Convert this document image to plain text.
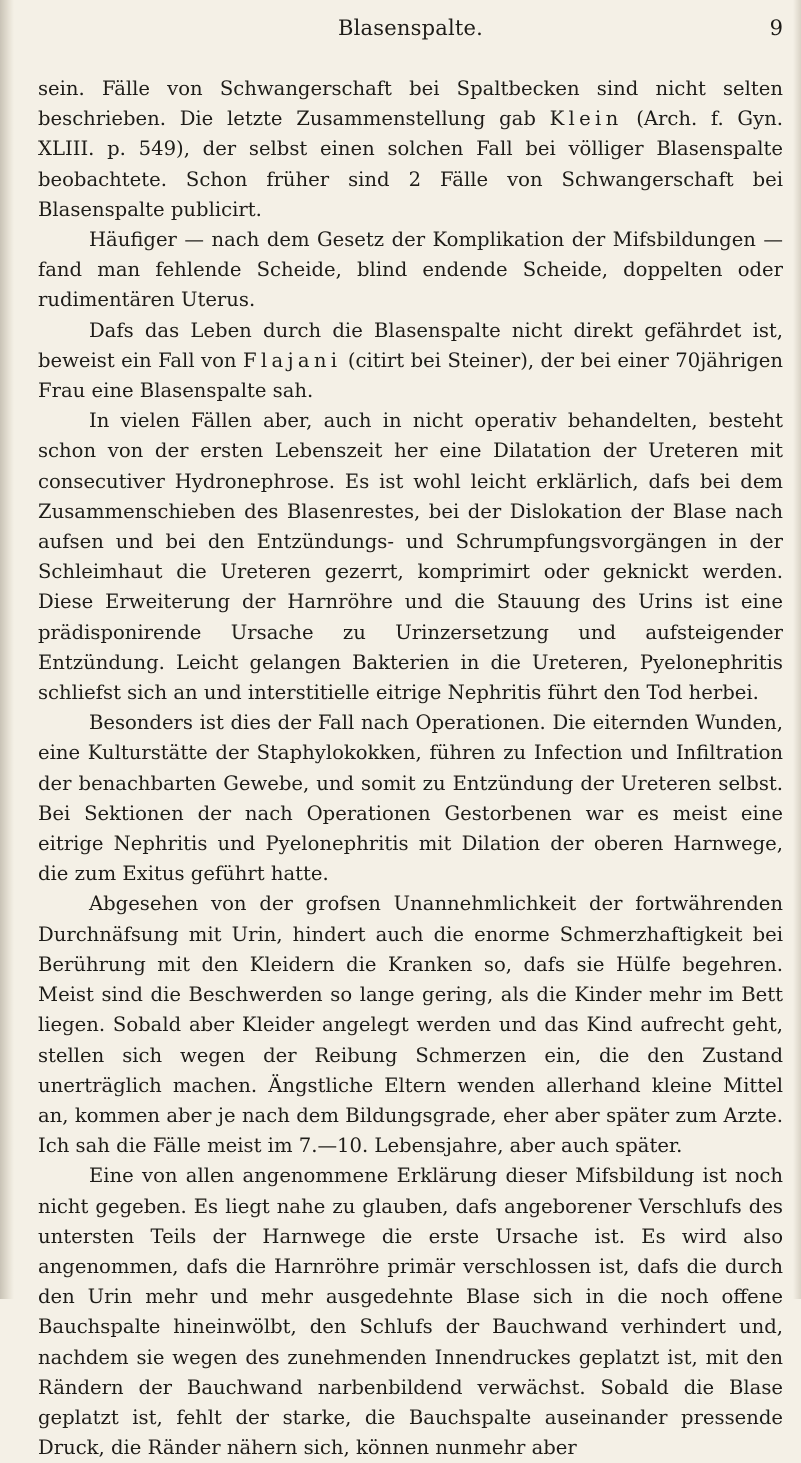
Blasenspalte.	9

sein. Fälle von Schwangerschaft bei Spaltbecken sind nicht selten beschrieben. Die letzte Zusammenstellung gab Klein (Arch. f. Gyn. XLIII. p. 549), der selbst einen solchen Fall bei völliger Blasenspalte beobachtete. Schon früher sind 2 Fälle von Schwangerschaft bei Blasenspalte publicirt.

Häufiger — nach dem Gesetz der Komplikation der Mifsbildungen — fand man fehlende Scheide, blind endende Scheide, doppelten oder rudimentären Uterus.

Dafs das Leben durch die Blasenspalte nicht direkt gefährdet ist, beweist ein Fall von Flajani (citirt bei Steiner), der bei einer 70jährigen Frau eine Blasenspalte sah.

In vielen Fällen aber, auch in nicht operativ behandelten, besteht schon von der ersten Lebenszeit her eine Dilatation der Ureteren mit consecutiver Hydronephrose. Es ist wohl leicht erklärlich, dafs bei dem Zusammenschieben des Blasenrestes, bei der Dislokation der Blase nach aufsen und bei den Entzündungs- und Schrumpfungsvorgängen in der Schleimhaut die Ureteren gezerrt, komprimirt oder geknickt werden. Diese Erweiterung der Harnröhre und die Stauung des Urins ist eine prädisponirende Ursache zu Urinzersetzung und aufsteigender Entzündung. Leicht gelangen Bakterien in die Ureteren, Pyelonephritis schliefst sich an und interstitielle eitrige Nephritis führt den Tod herbei.

Besonders ist dies der Fall nach Operationen. Die eiternden Wunden, eine Kulturstätte der Staphylokokken, führen zu Infection und Infiltration der benachbarten Gewebe, und somit zu Entzündung der Ureteren selbst. Bei Sektionen der nach Operationen Gestorbenen war es meist eine eitrige Nephritis und Pyelonephritis mit Dilation der oberen Harnwege, die zum Exitus geführt hatte.

Abgesehen von der grofsen Unannehmlichkeit der fortwährenden Durchnäfsung mit Urin, hindert auch die enorme Schmerzhaftigkeit bei Berührung mit den Kleidern die Kranken so, dafs sie Hülfe begehren. Meist sind die Beschwerden so lange gering, als die Kinder mehr im Bett liegen. Sobald aber Kleider angelegt werden und das Kind aufrecht geht, stellen sich wegen der Reibung Schmerzen ein, die den Zustand unerträglich machen. Ängstliche Eltern wenden allerhand kleine Mittel an, kommen aber je nach dem Bildungsgrade, eher aber später zum Arzte. Ich sah die Fälle meist im 7.—10. Lebensjahre, aber auch später.

Eine von allen angenommene Erklärung dieser Mifsbildung ist noch nicht gegeben. Es liegt nahe zu glauben, dafs angeborener Verschlufs des untersten Teils der Harnwege die erste Ursache ist. Es wird also angenommen, dafs die Harnröhre primär verschlossen ist, dafs die durch den Urin mehr und mehr ausgedehnte Blase sich in die noch offene Bauchspalte hineinwölbt, den Schlufs der Bauchwand verhindert und, nachdem sie wegen des zunehmenden Innendruckes geplatzt ist, mit den Rändern der Bauchwand narbenbildend verwächst. Sobald die Blase geplatzt ist, fehlt der starke, die Bauchspalte auseinander pressende Druck, die Ränder nähern sich, können nunmehr aber
